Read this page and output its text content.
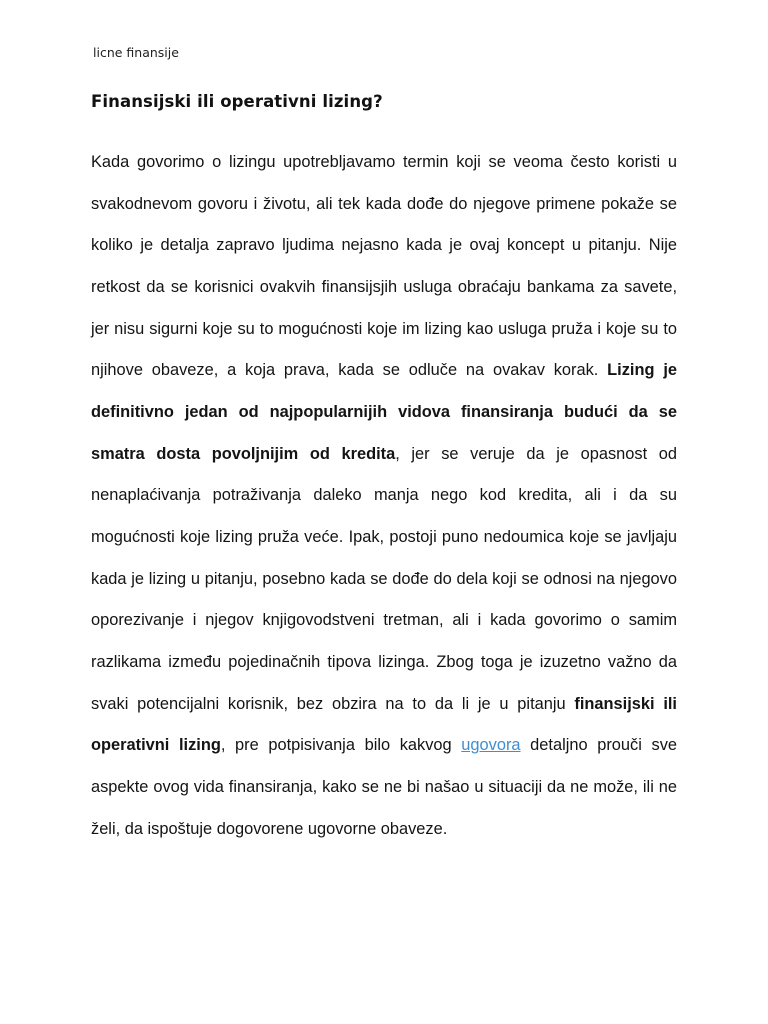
licne finansije
Finansijski ili operativni lizing?

Kada govorimo o lizingu upotrebljavamo termin koji se veoma često koristi u svakodnevom govoru i životu, ali tek kada dođe do njegove primene pokaže se koliko je detalja zapravo ljudima nejasno kada je ovaj koncept u pitanju. Nije retkost da se korisnici ovakvih finansijsjih usluga obraćaju bankama za savete, jer nisu sigurni koje su to mogućnosti koje im lizing kao usluga pruža i koje su to njihove obaveze, a koja prava, kada se odluče na ovakav korak. Lizing je definitivno jedan od najpopularnijih vidova finansiranja budući da se smatra dosta povoljnijim od kredita, jer se veruje da je opasnost od nenaplaćivanja potraživanja daleko manja nego kod kredita, ali i da su mogućnosti koje lizing pruža veće. Ipak, postoji puno nedoumica koje se javljaju kada je lizing u pitanju, posebno kada se dođe do dela koji se odnosi na njegovo oporezivanje i njegov knjigovodstveni tretman, ali i kada govorimo o samim razlikama između pojedinačnih tipova lizinga. Zbog toga je izuzetno važno da svaki potencijalni korisnik, bez obzira na to da li je u pitanju finansijski ili operativni lizing, pre potpisivanja bilo kakvog ugovora detaljno prouči sve aspekte ovog vida finansiranja, kako se ne bi našao u situaciji da ne može, ili ne želi, da ispoštuje dogovorene ugovorne obaveze.
